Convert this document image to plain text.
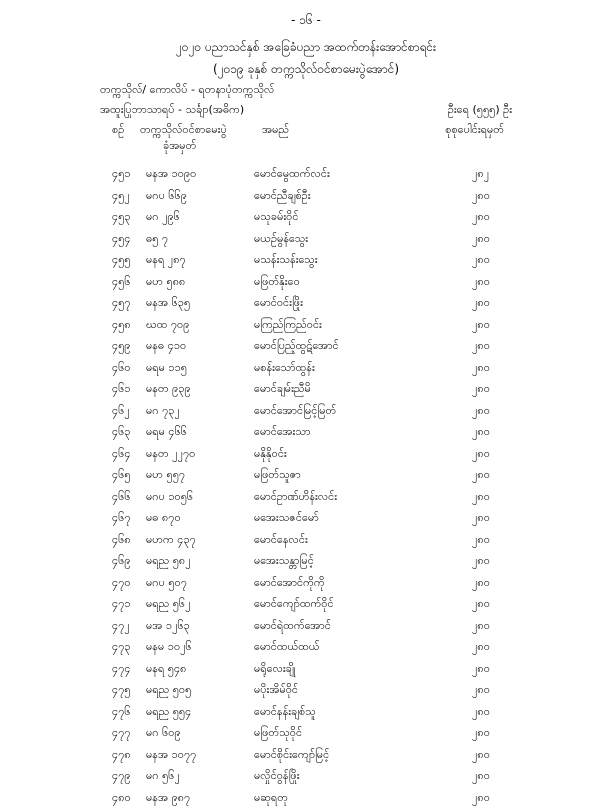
- ၁၆ -
၂၀၂၀ ပညာသင်နှစ် အခြေခံပညာ အထက်တန်းအောင်စာရင်း
(၂၀၁၉ ခုနှစ် တက္ကသိုလ်ဝင်စာမေးပွဲအောင်)
တက္ကသိုလ်/ ကောလိပ် - ရတနာပုံတက္ကသိုလ်
အထူးပြုဘာသာရပ် - သင်္ချာ(အဓိက)	ဦးရေ (၅၅၅) ဦး
စဉ် တက္ကသိုလ်ဝင်စာမေးပွဲ
ခုံအမှတ်
အမည်	စုစုပေါင်းရမှတ်
၄၅၁ မနအ ၁၀၉၀	မောင်မွေထက်လင်း	၂၈၂
၄၅၂ မဂပ ၆၆၉	မောင်ညီချစ်ဦး	၂၈၀
၄၅၃ မဂ ၂၉၆	မသုခမ်းဝိုင်	၂၈၀
၄၅၄ ဓ၅ ၇	မယဉ်မွန်သွေး	၂၈၀
၄၅၅ မနရ ၂၈၇	မသန်းသန်းသွေး	၂၈၀
၄၅၆ မဟ ၅၈၈	မဖြတ်နိုးဝေ	၂၈၀
၄၅၇ မနအ ၆၃၅	မောင်ဝင်းဖြိုး	၂၈၀
၄၅၈ ဃထ ၇၀၉	မကြည်ကြည်ဝင်း	၂၈၀
၄၅၉ မနဓ ၄၁၀	မောင်ပြည့်ထွဋ်အောင်	၂၈၀
၄၆၀ မရမ ၁၁၅	မစန်းသော်ထွန်း	၂၈၀
၄၆၁ မနတ ၉၃၉	မောင်ချမ်းညီမိ	၂၈၀
၄၆၂ မဂ ၇၃၂	မောင်အောင်မြင့်မြတ်	၂၈၀
၄၆၃ မရမ ၄၆၆	မောင်အေးသာ	၂၈၀
၄၆၄ မနတ ၂၂၇၀	မနိုနိုဝင်း	၂၈၀
၄၆၅ မဟ ၅၅၇	မဖြတ်သူဇာ	၂၈၀
၄၆၆ မဂပ ၁၀၅၆	မောင်ဥာဏ်ဟိန်းလင်း	၂၈၀
၄၆၇ မဓ ၈၇၀	မအေးသဇင်မော်	၂၈၀
၄၆၈ မဟက ၄၃၇	မောင်နေလင်း	၂၈၀
၄၆၉ မရည ၅၈၂	မအေးသန္တာမြင့်	၂၈၀
၄၇၀ မဂပ ၅၀၇	မောင်အောင်ကိုကို	၂၈၀
၄၇၁ မရည ၅၆၂	မောင်ကျော်ထက်ဝိုင်	၂၈၀
၄၇၂ မအ ၁၂၆၃	မောင်ရဲထက်အောင်	၂၈၀
၄၇၃ မနမ ၁၀၂၆	မောင်ထယ်ထယ်	၂၈၀
၄၇၄ မနရ ၅၄၈	မရိုလေးချို	၂၈၀
၄၇၅ မရည ၅၀၅	မပိုးအိမ်ဝိုင်	၂၈၀
၄၇၆ မရည ၅၅၄	မောင်နန်းချစ်သူ	၂၈၀
၄၇၇ မဂ ၆၀၉	မဖြတ်သုဝိုင်	၂၈၀
၄၇၈ မနအ ၁၀၇၇	မောင်စိုင်းကျော်မြင့်	၂၈၀
၄၇၉ မဂ ၅၆၂	မလှိုင်ဝွန်ဖြိုး	၂၈၀
၄၈၀ မနအ ၉၈၇	မဆုရတု	၂၈၀
